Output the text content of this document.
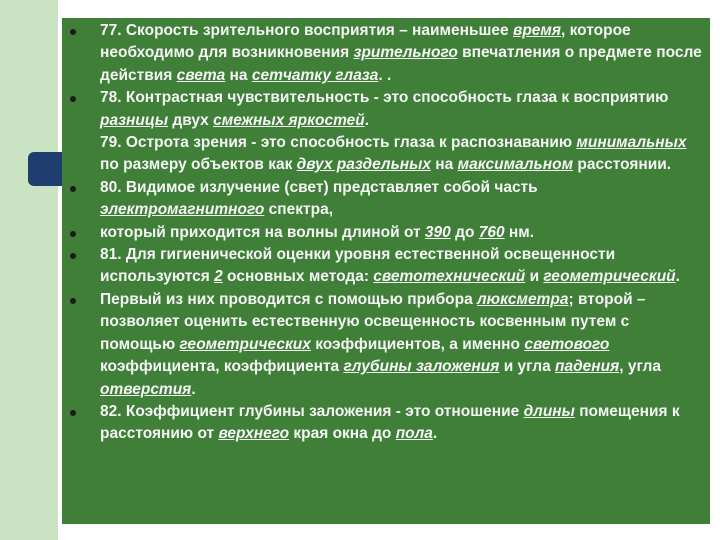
77. Скорость зрительного восприятия – наименьшее время, которое необходимо для возникновения зрительного впечатления о предмете после действия света на сетчатку глаза. .
78. Контрастная чувствительность - это способность глаза к восприятию разницы двух смежных яркостей.
79. Острота зрения - это способность глаза к распознаванию минимальных по размеру объектов как двух раздельных на максимальном расстоянии.
80. Видимое излучение (свет) представляет собой часть электромагнитного спектра,
который приходится на волны длиной от 390 до 760 нм.
81. Для гигиенической оценки уровня естественной освещенности используются 2 основных метода: светотехнический и геометрический.
Первый из них проводится с помощью прибора люксметра; второй – позволяет оценить естественную освещенность косвенным путем с помощью геометрических коэффициентов, а именно светового коэффициента, коэффициента глубины заложения и угла падения, угла отверстия.
82. Коэффициент глубины заложения - это отношение длины помещения к расстоянию от верхнего края окна до пола.
